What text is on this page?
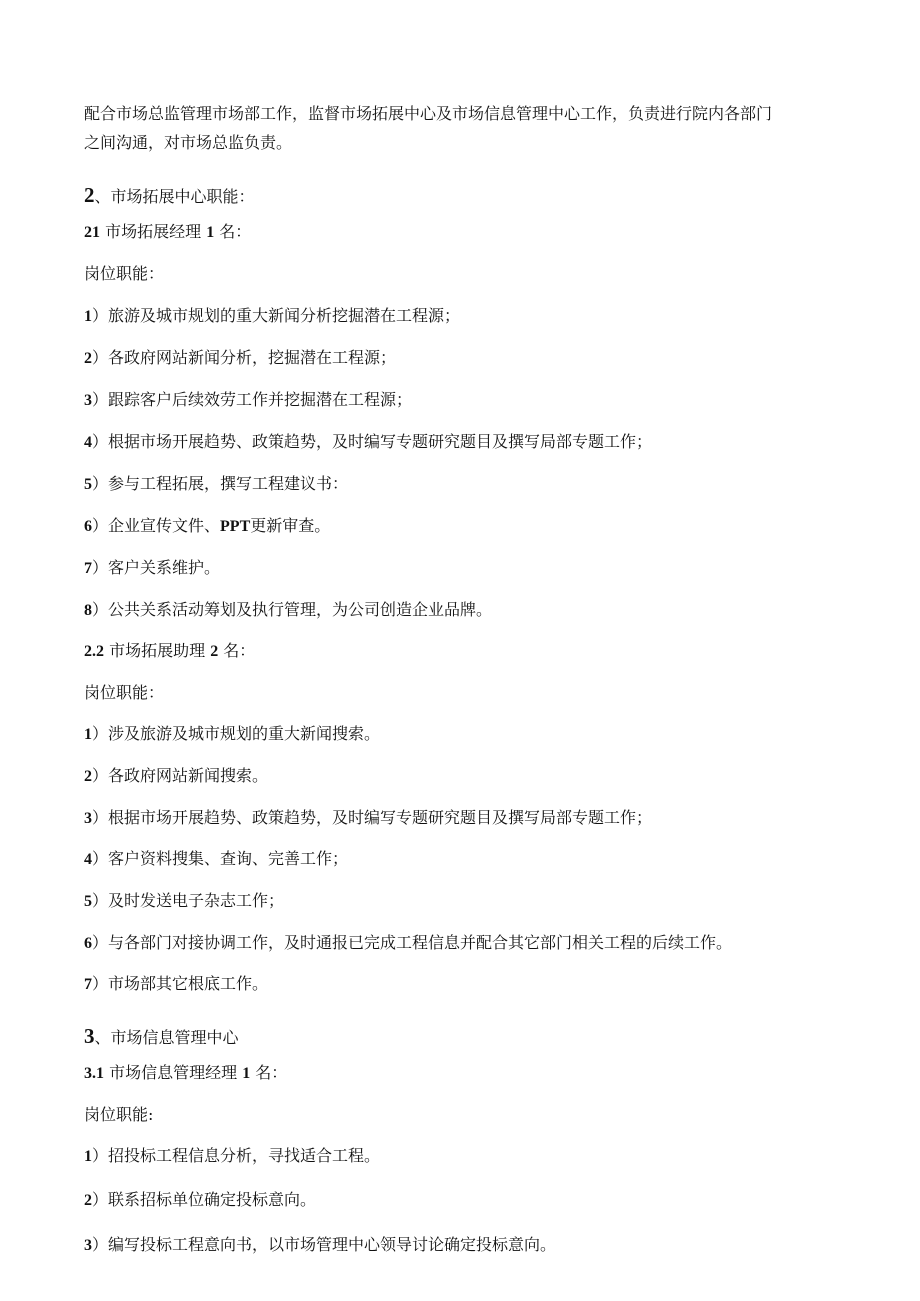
配合市场总监管理市场部工作，监督市场拓展中心及市场信息管理中心工作，负责进行院内各部门
之间沟通，对市场总监负责。
2、市场拓展中心职能：
21 市场拓展经理 1 名：
岗位职能：
1）旅游及城市规划的重大新闻分析挖掘潜在工程源；
2）各政府网站新闻分析，挖掘潜在工程源；
3）跟踪客户后续效劳工作并挖掘潜在工程源；
4）根据市场开展趋势、政策趋势，及时编写专题研究题目及撰写局部专题工作；
5）参与工程拓展，撰写工程建议书：
6）企业宣传文件、PPT更新审查。
7）客户关系维护。
8）公共关系活动筹划及执行管理，为公司创造企业品牌。
2.2 市场拓展助理 2 名：
岗位职能：
1）涉及旅游及城市规划的重大新闻搜索。
2）各政府网站新闻搜索。
3）根据市场开展趋势、政策趋势，及时编写专题研究题目及撰写局部专题工作；
4）客户资料搜集、查询、完善工作；
5）及时发送电子杂志工作；
6）与各部门对接协调工作，及时通报已完成工程信息并配合其它部门相关工程的后续工作。
7）市场部其它根底工作。
3、市场信息管理中心
3.1 市场信息管理经理 1 名：
岗位职能:
1）招投标工程信息分析，寻找适合工程。
2）联系招标单位确定投标意向。
3）编写投标工程意向书，以市场管理中心领导讨论确定投标意向。
